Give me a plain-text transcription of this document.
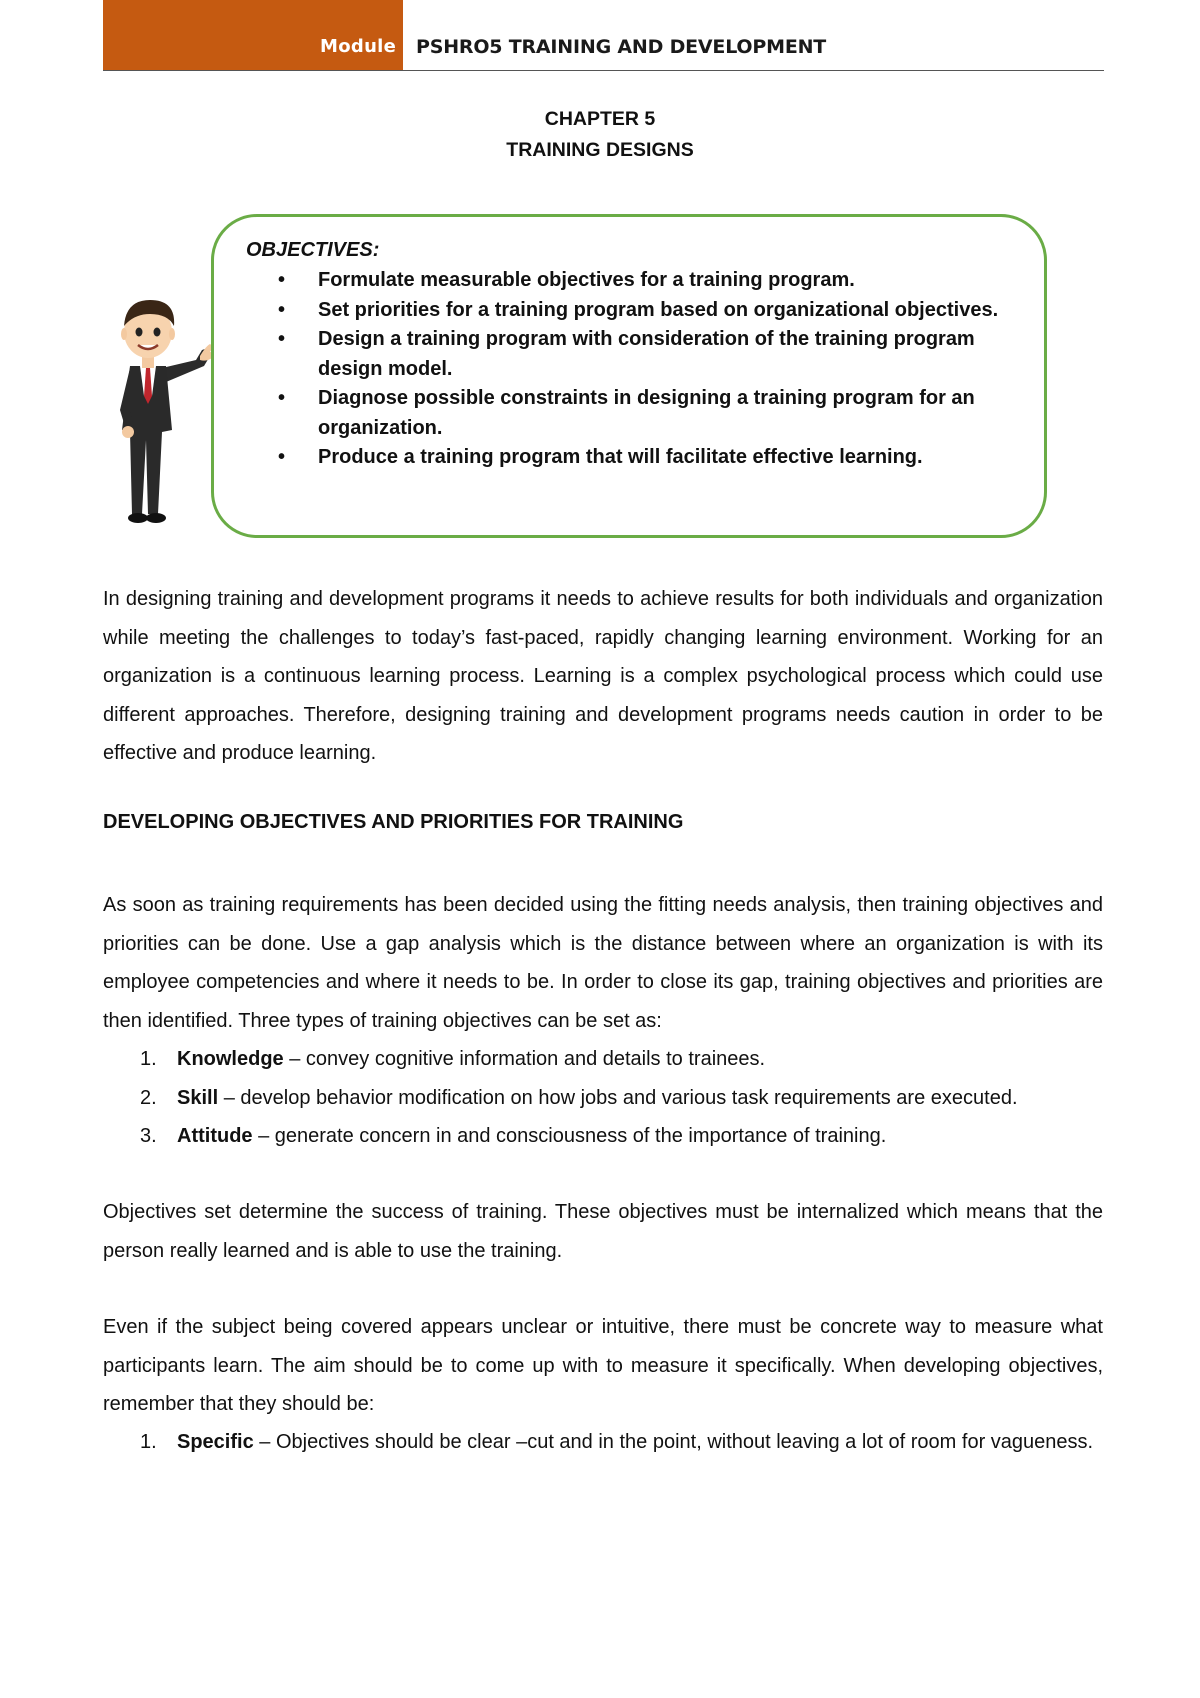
Module PSHRO5 TRAINING AND DEVELOPMENT
CHAPTER 5
TRAINING DESIGNS
OBJECTIVES:
• Formulate measurable objectives for a training program.
• Set priorities for a training program based on organizational objectives.
• Design a training program with consideration of the training program design model.
• Diagnose possible constraints in designing a training program for an organization.
• Produce a training program that will facilitate effective learning.

In designing training and development programs it needs to achieve results for both individuals and organization while meeting the challenges to today’s fast-paced, rapidly changing learning environment. Working for an organization is a continuous learning process. Learning is a complex psychological process which could use different approaches. Therefore, designing training and development programs needs caution in order to be effective and produce learning.

DEVELOPING OBJECTIVES AND PRIORITIES FOR TRAINING

As soon as training requirements has been decided using the fitting needs analysis, then training objectives and priorities can be done. Use a gap analysis which is the distance between where an organization is with its employee competencies and where it needs to be. In order to close its gap, training objectives and priorities are then identified. Three types of training objectives can be set as:

1. Knowledge – convey cognitive information and details to trainees.
2. Skill – develop behavior modification on how jobs and various task requirements are executed.
3. Attitude – generate concern in and consciousness of the importance of training.

Objectives set determine the success of training. These objectives must be internalized which means that the person really learned and is able to use the training.

Even if the subject being covered appears unclear or intuitive, there must be concrete way to measure what participants learn. The aim should be to come up with to measure it specifically. When developing objectives, remember that they should be:

1. Specific – Objectives should be clear –cut and in the point, without leaving a lot of room for vagueness.
